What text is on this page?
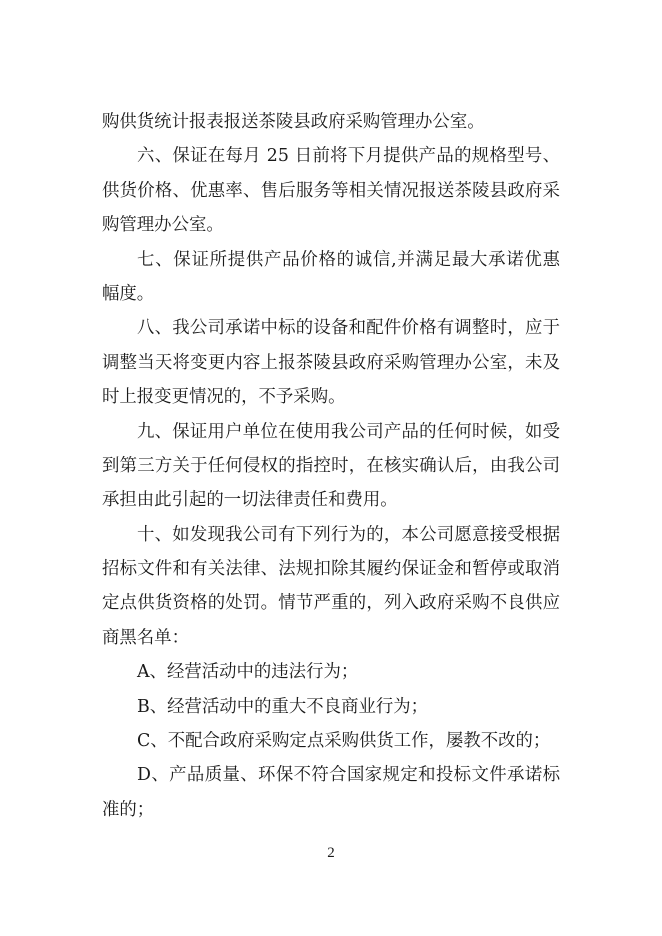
购供货统计报表报送茶陵县政府采购管理办公室。
六、保证在每月 25 日前将下月提供产品的规格型号、
供货价格、优惠率、售后服务等相关情况报送茶陵县政府采
购管理办公室。
七、保证所提供产品价格的诚信,并满足最大承诺优惠
幅度。
八、我公司承诺中标的设备和配件价格有调整时，应于
调整当天将变更内容上报茶陵县政府采购管理办公室，未及
时上报变更情况的，不予采购。
九、保证用户单位在使用我公司产品的任何时候，如受
到第三方关于任何侵权的指控时，在核实确认后，由我公司
承担由此引起的一切法律责任和费用。
十、如发现我公司有下列行为的，本公司愿意接受根据
招标文件和有关法律、法规扣除其履约保证金和暂停或取消
定点供货资格的处罚。情节严重的，列入政府采购不良供应
商黑名单：
A、经营活动中的违法行为；
B、经营活动中的重大不良商业行为；
C、不配合政府采购定点采购供货工作，屡教不改的；
D、产品质量、环保不符合国家规定和投标文件承诺标
准的；
2
